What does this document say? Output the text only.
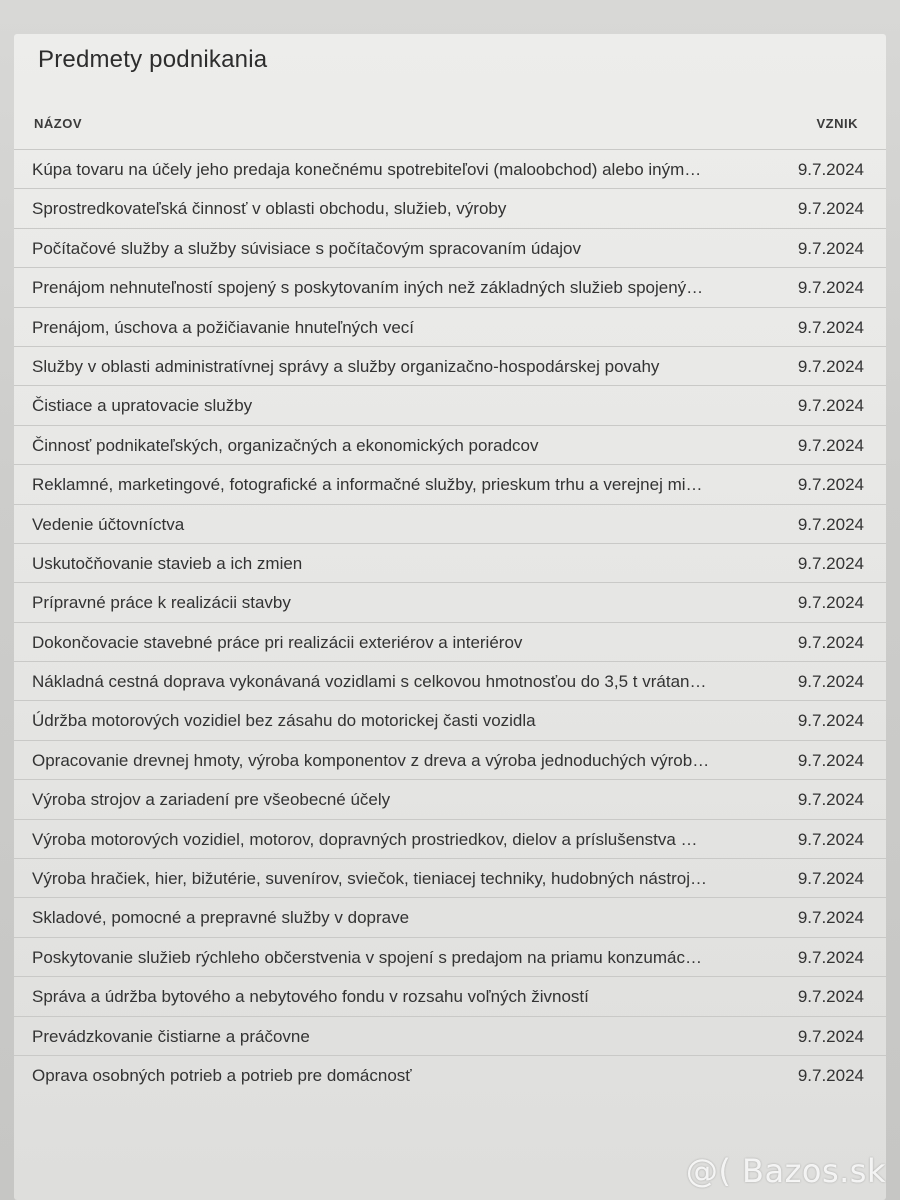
Predmety podnikania
NÁZOV	VZNIK
Kúpa tovaru na účely jeho predaja konečnému spotrebiteľovi (maloobchod) alebo iným…	9.7.2024
Sprostredkovateľská činnosť v oblasti obchodu, služieb, výroby	9.7.2024
Počítačové služby a služby súvisiace s počítačovým spracovaním údajov	9.7.2024
Prenájom nehnuteľností spojený s poskytovaním iných než základných služieb spojený…	9.7.2024
Prenájom, úschova a požičiavanie hnuteľných vecí	9.7.2024
Služby v oblasti administratívnej správy a služby organizačno-hospodárskej povahy	9.7.2024
Čistiace a upratovacie služby	9.7.2024
Činnosť podnikateľských, organizačných a ekonomických poradcov	9.7.2024
Reklamné, marketingové, fotografické a informačné služby, prieskum trhu a verejnej mi…	9.7.2024
Vedenie účtovníctva	9.7.2024
Uskutočňovanie stavieb a ich zmien	9.7.2024
Prípravné práce k realizácii stavby	9.7.2024
Dokončovacie stavebné práce pri realizácii exteriérov a interiérov	9.7.2024
Nákladná cestná doprava vykonávaná vozidlami s celkovou hmotnosťou do 3,5 t vrátan…	9.7.2024
Údržba motorových vozidiel bez zásahu do motorickej časti vozidla	9.7.2024
Opracovanie drevnej hmoty, výroba komponentov z dreva a výroba jednoduchých výrob…	9.7.2024
Výroba strojov a zariadení pre všeobecné účely	9.7.2024
Výroba motorových vozidiel, motorov, dopravných prostriedkov, dielov a príslušenstva …	9.7.2024
Výroba hračiek, hier, bižutérie, suvenírov, sviečok, tieniacej techniky, hudobných nástroj…	9.7.2024
Skladové, pomocné a prepravné služby v doprave	9.7.2024
Poskytovanie služieb rýchleho občerstvenia v spojení s predajom na priamu konzumác…	9.7.2024
Správa a údržba bytového a nebytového fondu v rozsahu voľných živností	9.7.2024
Prevádzkovanie čistiarne a práčovne	9.7.2024
Oprava osobných potrieb a potrieb pre domácnosť	9.7.2024
@( Bazos.sk
